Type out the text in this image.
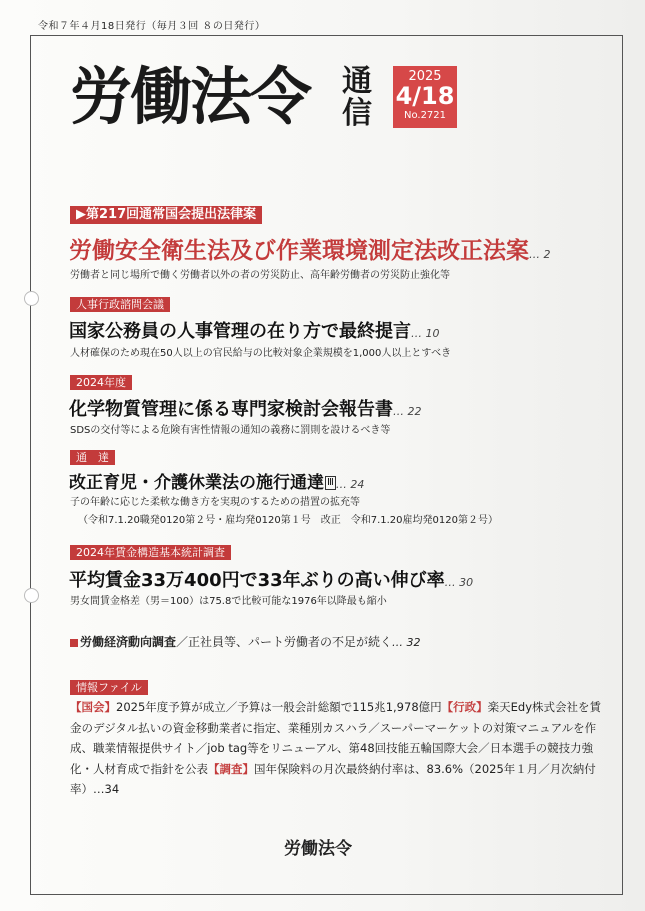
令和７年４月18日発行（毎月３回 ８の日発行）
労働法令 通信
2025
4/18
No.2721
▶第217回通常国会提出法律案
労働安全衛生法及び作業環境測定法改正法案… 2
労働者と同じ場所で働く労働者以外の者の労災防止、高年齢労働者の労災防止強化等
人事行政諮問会議
国家公務員の人事管理の在り方で最終提言… 10
人材確保のため現在50人以上の官民給与の比較対象企業規模を1,000人以上とすべき
2024年度
化学物質管理に係る専門家検討会報告書… 22
SDSの交付等による危険有害性情報の通知の義務に罰則を設けるべき等
通　達
改正育児・介護休業法の施行通達 Ⅲ … 24
子の年齢に応じた柔軟な働き方を実現のするための措置の拡充等
（令和7.1.20職発0120第２号・雇均発0120第１号　改正　令和7.1.20雇均発0120第２号）
2024年賃金構造基本統計調査
平均賃金33万400円で33年ぶりの高い伸び率… 30
男女間賃金格差（男＝100）は75.8で比較可能な1976年以降最も縮小
労働経済動向調査／正社員等、パート労働者の不足が続く… 32
情報ファイル
【国会】2025年度予算が成立／予算は一般会計総額で115兆1,978億円【行政】楽天Edy株式会社を賃金のデジタル払いの資金移動業者に指定、業種別カスハラ／スーパーマーケットの対策マニュアルを作成、職業情報提供サイト／job tag等をリニューアル、第48回技能五輪国際大会／日本選手の競技力強化・人材育成で指針を公表【調査】国年保険料の月次最終納付率は、83.6%（2025年１月／月次納付率）…34
労働法令
